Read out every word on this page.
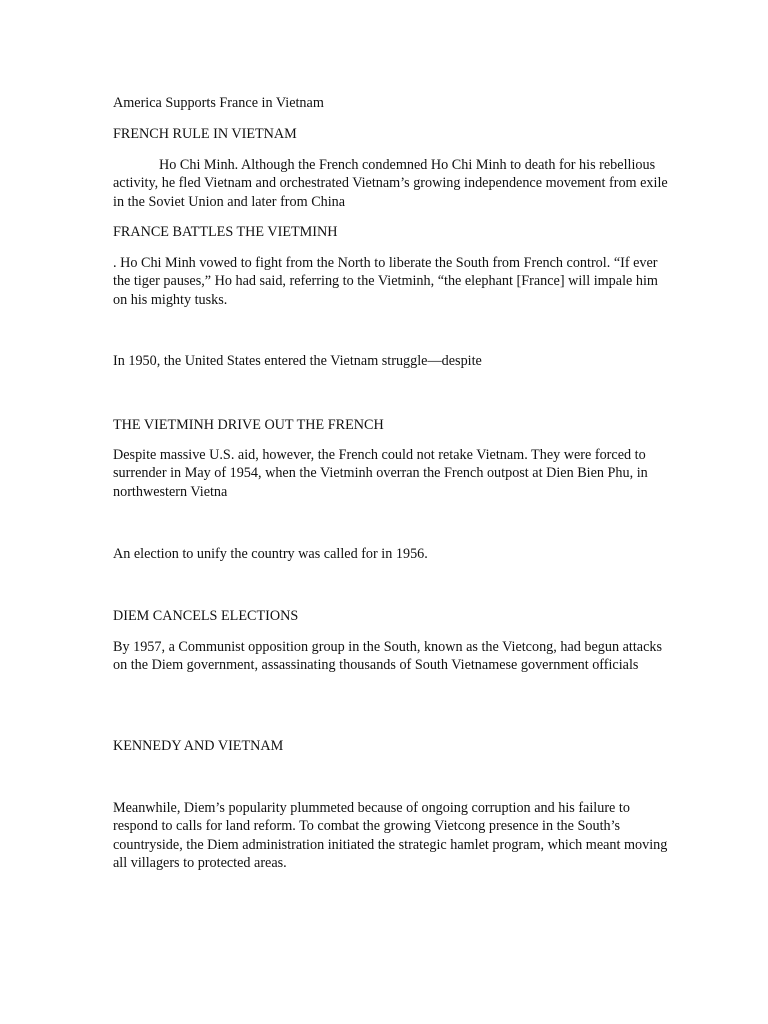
America Supports France in Vietnam

FRENCH RULE IN VIETNAM

Ho Chi Minh. Although the French condemned Ho Chi Minh to death for his rebellious activity, he fled Vietnam and orchestrated Vietnam’s growing independence movement from exile in the Soviet Union and later from China

FRANCE BATTLES THE VIETMINH

. Ho Chi Minh vowed to fight from the North to liberate the South from French control. “If ever the tiger pauses,” Ho had said, referring to the Vietminh, “the elephant [France] will impale him on his mighty tusks.

In 1950, the United States entered the Vietnam struggle—despite

THE VIETMINH DRIVE OUT THE FRENCH

Despite massive U.S. aid, however, the French could not retake Vietnam. They were forced to surrender in May of 1954, when the Vietminh overran the French outpost at Dien Bien Phu, in northwestern Vietna

An election to unify the country was called for in 1956.

DIEM CANCELS ELECTIONS

By 1957, a Communist opposition group in the South, known as the Vietcong, had begun attacks on the Diem government, assassinating thousands of South Vietnamese government officials

KENNEDY AND VIETNAM

Meanwhile, Diem’s popularity plummeted because of ongoing corruption and his failure to respond to calls for land reform. To combat the growing Vietcong presence in the South’s countryside, the Diem administration initiated the strategic hamlet program, which meant moving all villagers to protected areas.
